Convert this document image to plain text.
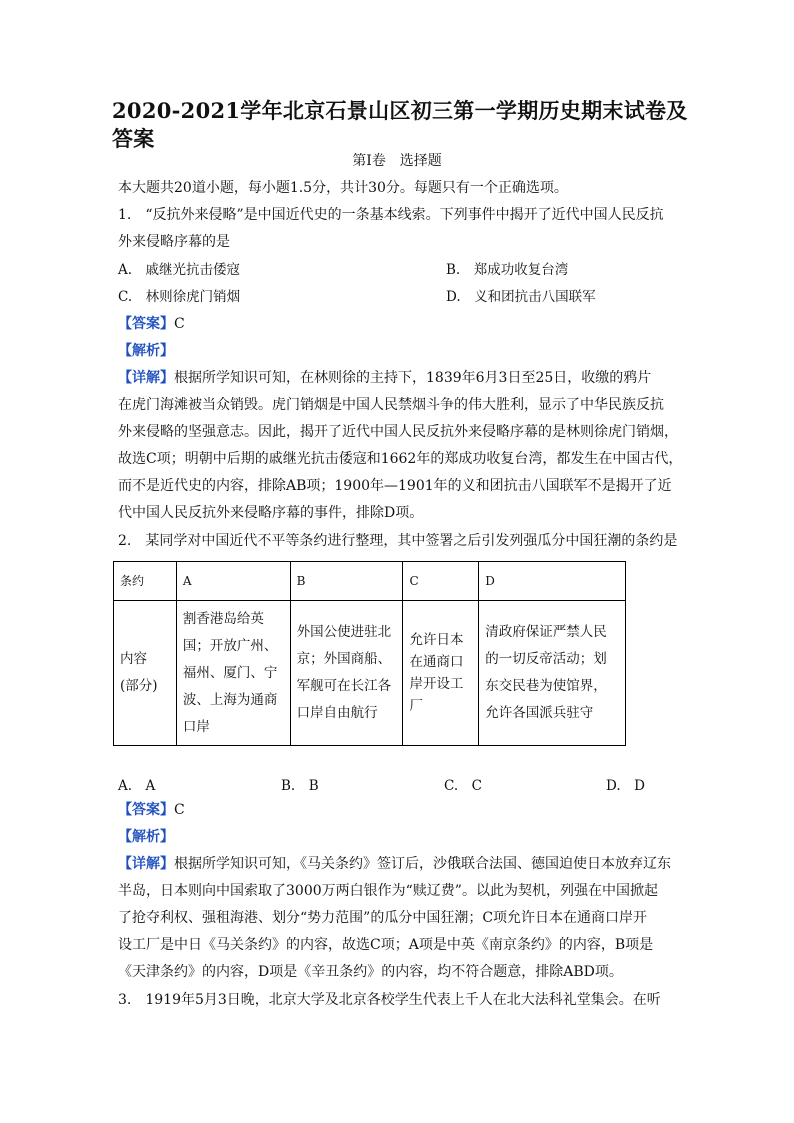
2020-2021学年北京石景山区初三第一学期历史期末试卷及
答案
第Ⅰ卷　选择题
本大题共20道小题，每小题1.5分，共计30分。每题只有一个正确选项。
1.　“反抗外来侵略”是中国近代史的一条基本线索。下列事件中揭开了近代中国人民反抗
外来侵略序幕的是
A.　戚继光抗击倭寇	B.　郑成功收复台湾
C.　林则徐虎门销烟	D.　义和团抗击八国联军
【答案】C
【解析】
【详解】根据所学知识可知，在林则徐的主持下，1839年6月3日至25日，收缴的鸦片
在虎门海滩被当众销毁。虎门销烟是中国人民禁烟斗争的伟大胜利，显示了中华民族反抗
外来侵略的坚强意志。因此，揭开了近代中国人民反抗外来侵略序幕的是林则徐虎门销烟，
故选C项；明朝中后期的戚继光抗击倭寇和1662年的郑成功收复台湾，都发生在中国古代，
而不是近代史的内容，排除AB项；1900年—1901年的义和团抗击八国联军不是揭开了近
代中国人民反抗外来侵略序幕的事件，排除D项。
2.　某同学对中国近代不平等条约进行整理，其中签署之后引发列强瓜分中国狂潮的条约是
条约	A	B	C	D

内容
(部分)	割香港岛给英国；开放广州、福州、厦门、宁波、上海为通商口岸	外国公使进驻北京；外国商船、军舰可在长江各口岸自由航行	允许日本在通商口岸开设工厂	清政府保证严禁人民的一切反帝活动；划东交民巷为使馆界，允许各国派兵驻守
A.　A	B.　B	C.　C	D.　D
【答案】C
【解析】
【详解】根据所学知识可知，《马关条约》签订后，沙俄联合法国、德国迫使日本放弃辽东
半岛，日本则向中国索取了3000万两白银作为“赎辽费”。以此为契机，列强在中国掀起
了抢夺利权、强租海港、划分“势力范围”的瓜分中国狂潮；C项允许日本在通商口岸开
设工厂是中日《马关条约》的内容，故选C项；A项是中英《南京条约》的内容，B项是
《天津条约》的内容，D项是《辛丑条约》的内容，均不符合题意，排除ABD项。
3.　1919年5月3日晚，北京大学及北京各校学生代表上千人在北大法科礼堂集会。在听
